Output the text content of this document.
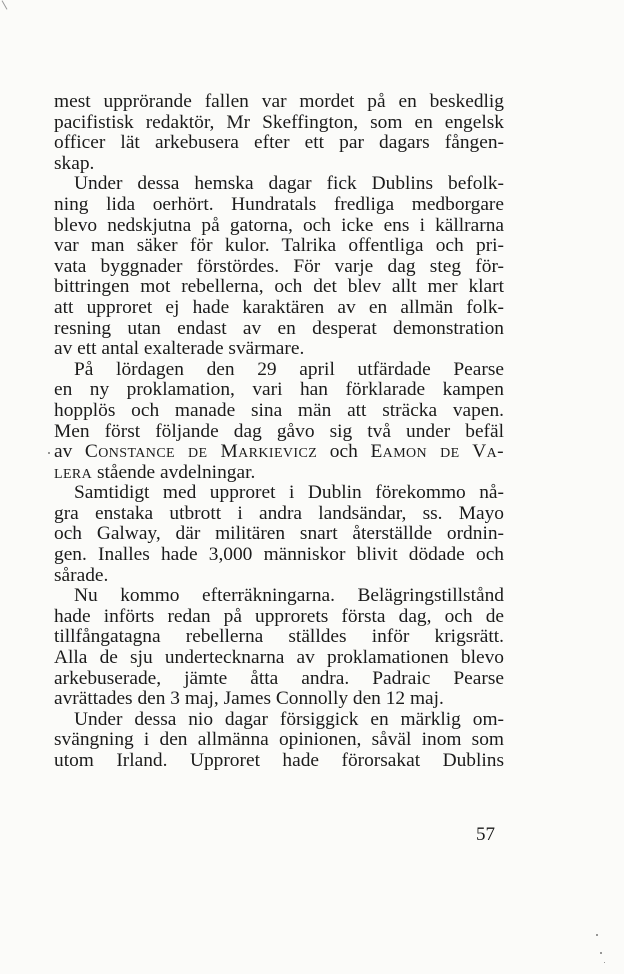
mest upprörande fallen var mordet på en beskedlig
pacifistisk redaktör, Mr Skeffington, som en engelsk
officer lät arkebusera efter ett par dagars fången-
skap.
Under dessa hemska dagar fick Dublins befolk-
ning lida oerhört. Hundratals fredliga medborgare
blevo nedskjutna på gatorna, och icke ens i källrarna
var man säker för kulor. Talrika offentliga och pri-
vata byggnader förstördes. För varje dag steg för-
bittringen mot rebellerna, och det blev allt mer klart
att upproret ej hade karaktären av en allmän folk-
resning utan endast av en desperat demonstration
av ett antal exalterade svärmare.
På lördagen den 29 april utfärdade Pearse
en ny proklamation, vari han förklarade kampen
hopplös och manade sina män att sträcka vapen.
Men först följande dag gåvo sig två under befäl
av Constance de Markievicz och Eamon de Va-
lera stående avdelningar.
Samtidigt med upproret i Dublin förekommo nå-
gra enstaka utbrott i andra landsändar, ss. Mayo
och Galway, där militären snart återställde ordnin-
gen. Inalles hade 3,000 människor blivit dödade och
sårade.
Nu kommo efterräkningarna. Belägringstillstånd
hade införts redan på upprorets första dag, och de
tillfångatagna rebellerna ställdes inför krigsrätt.
Alla de sju undertecknarna av proklamationen blevo
arkebuserade, jämte åtta andra. Padraic Pearse
avrättades den 3 maj, James Connolly den 12 maj.
Under dessa nio dagar försiggick en märklig om-
svängning i den allmänna opinionen, såväl inom som
utom Irland. Upproret hade förorsakat Dublins
57
